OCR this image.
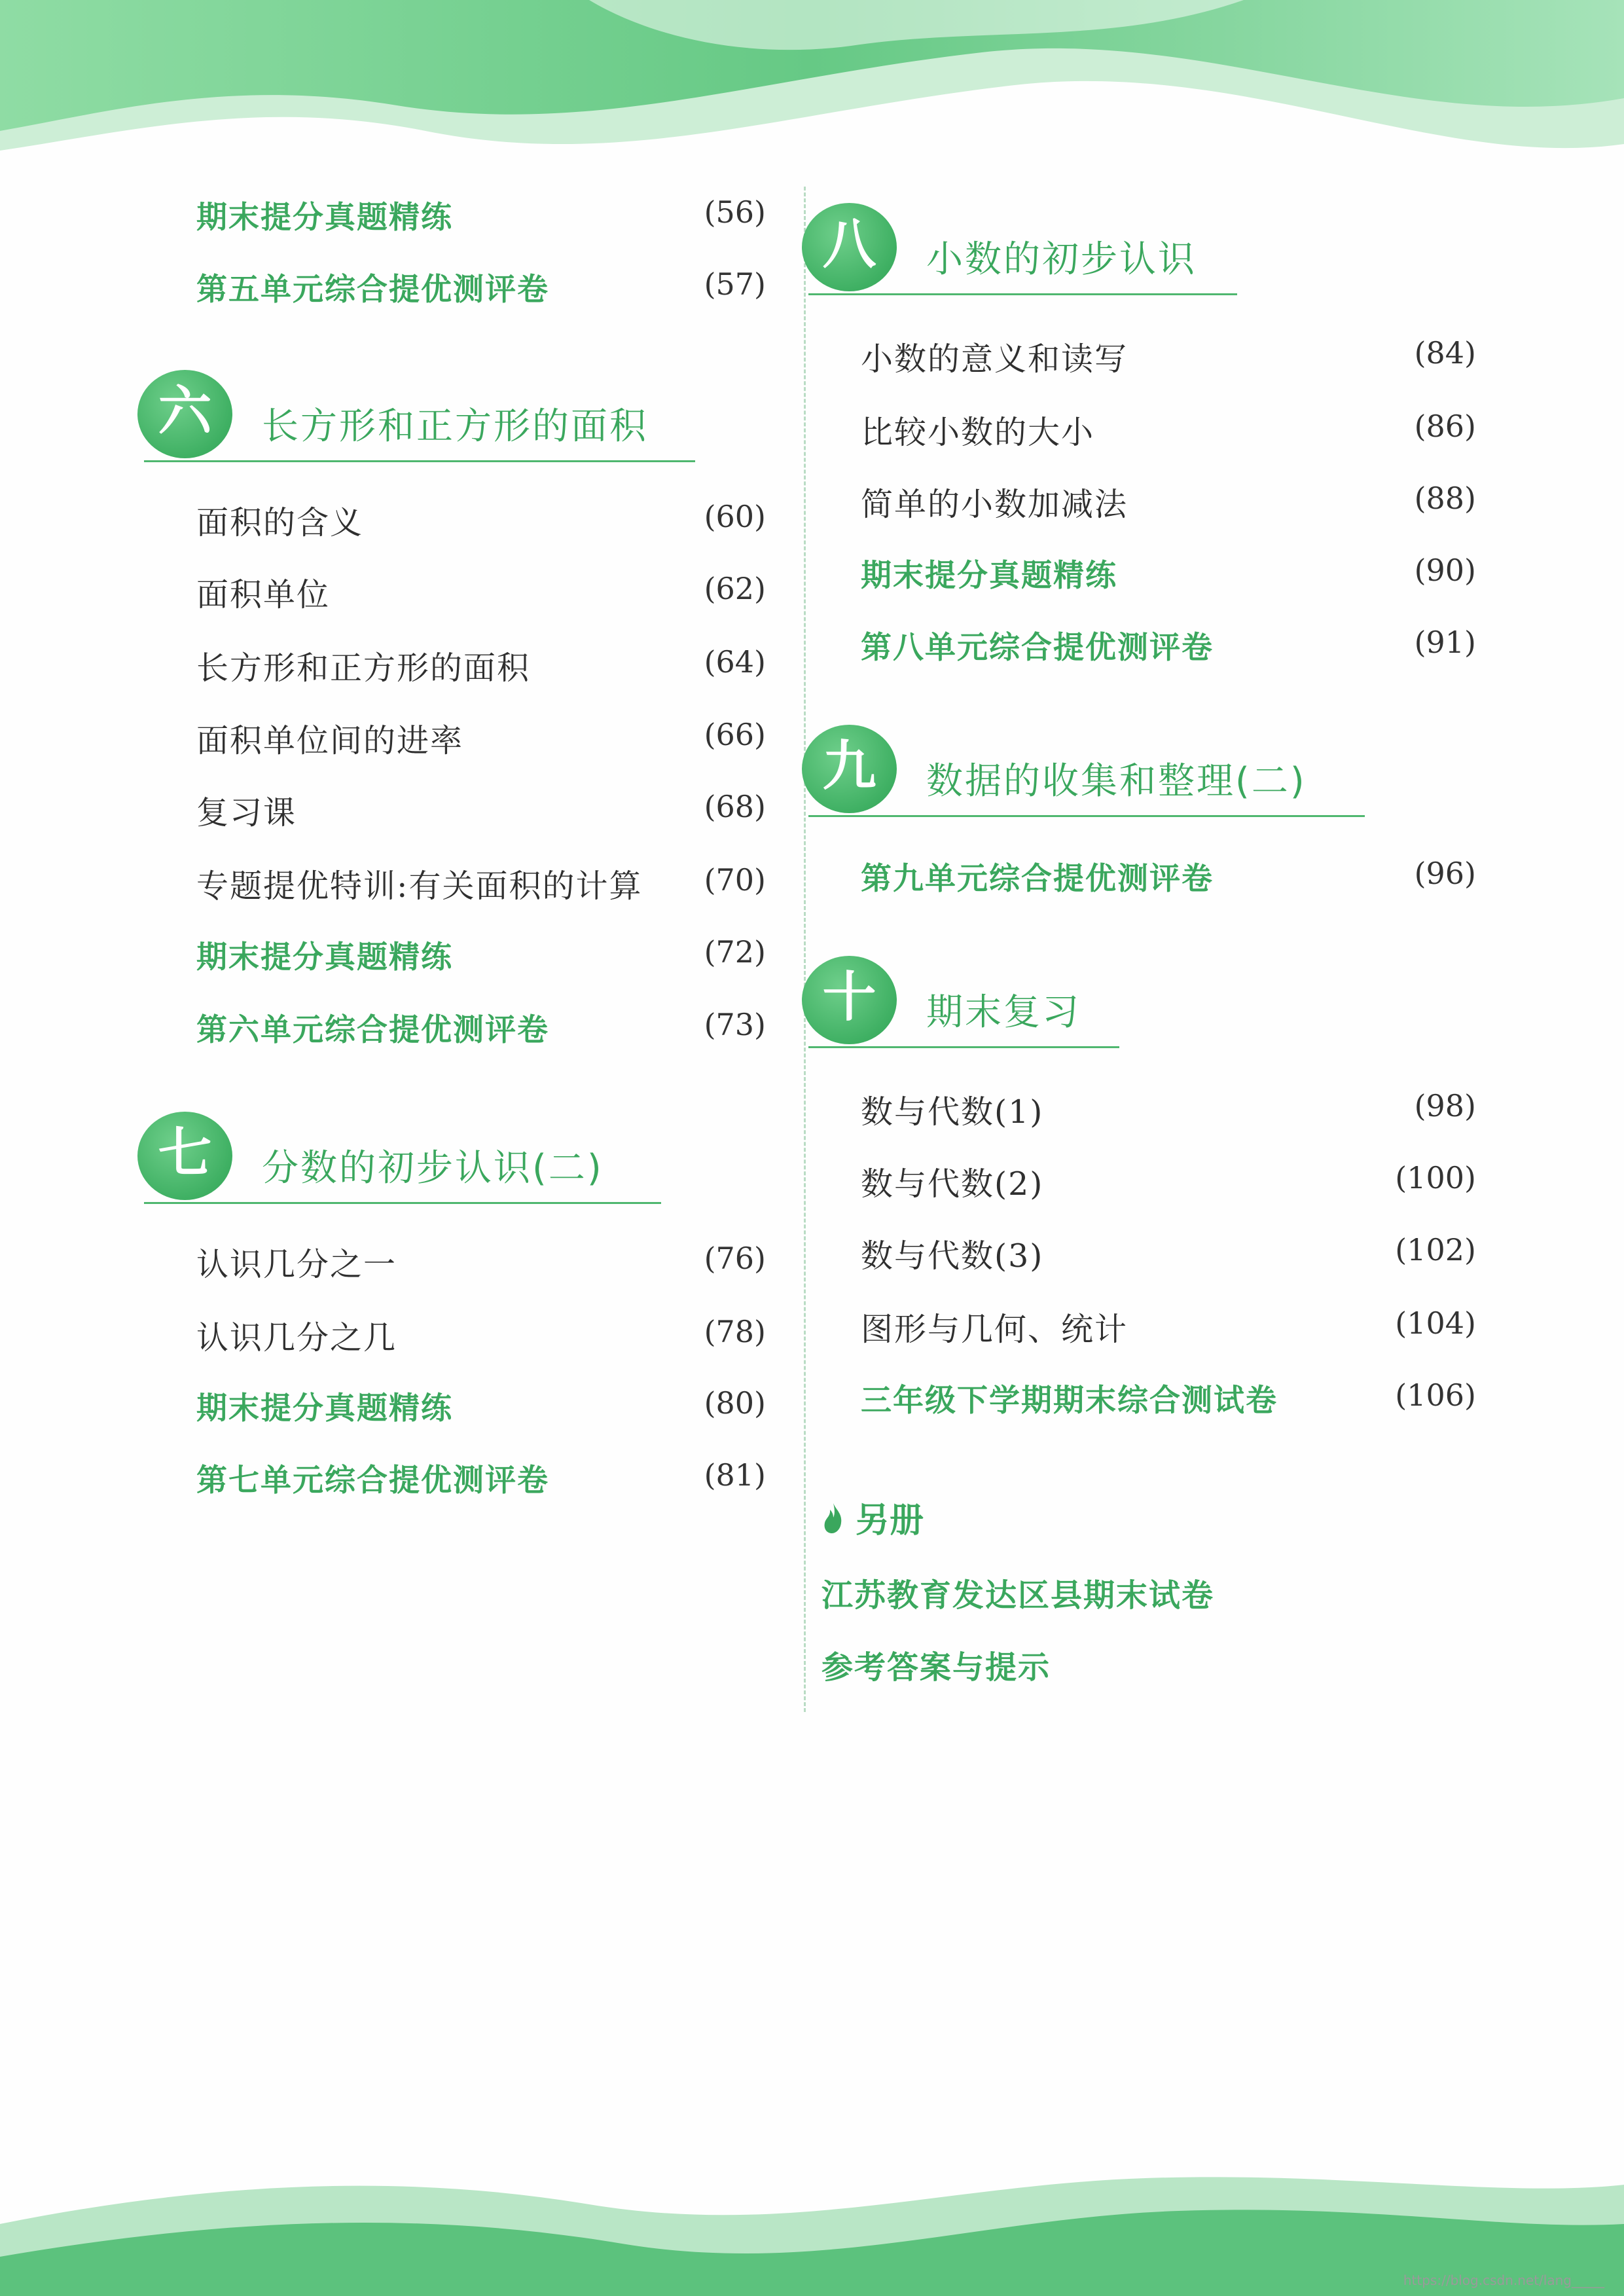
期末提分真题精练	(56)
第五单元综合提优测评卷	(57)
六	长方形和正方形的面积
面积的含义	(60)
面积单位	(62)
长方形和正方形的面积	(64)
面积单位间的进率	(66)
复习课	(68)
专题提优特训:有关面积的计算 (70)
期末提分真题精练	(72)
第六单元综合提优测评卷	(73)
七	分数的初步认识(二)
认识几分之一	(76)
认识几分之几	(78)
期末提分真题精练	(80)
第七单元综合提优测评卷	(81)
八	小数的初步认识
小数的意义和读写	(84)
比较小数的大小	(86)
简单的小数加减法	(88)
期末提分真题精练	(90)
第八单元综合提优测评卷	(91)
九	数据的收集和整理(二)
第九单元综合提优测评卷	(96)
十	期末复习
数与代数(1)	(98)
数与代数(2)	(100)
数与代数(3)	(102)
图形与几何、统计	(104)
三年级下学期期末综合测试卷	(106)
另册
江苏教育发达区县期末试卷
参考答案与提示
https://blog.csdn.net/lang_____
